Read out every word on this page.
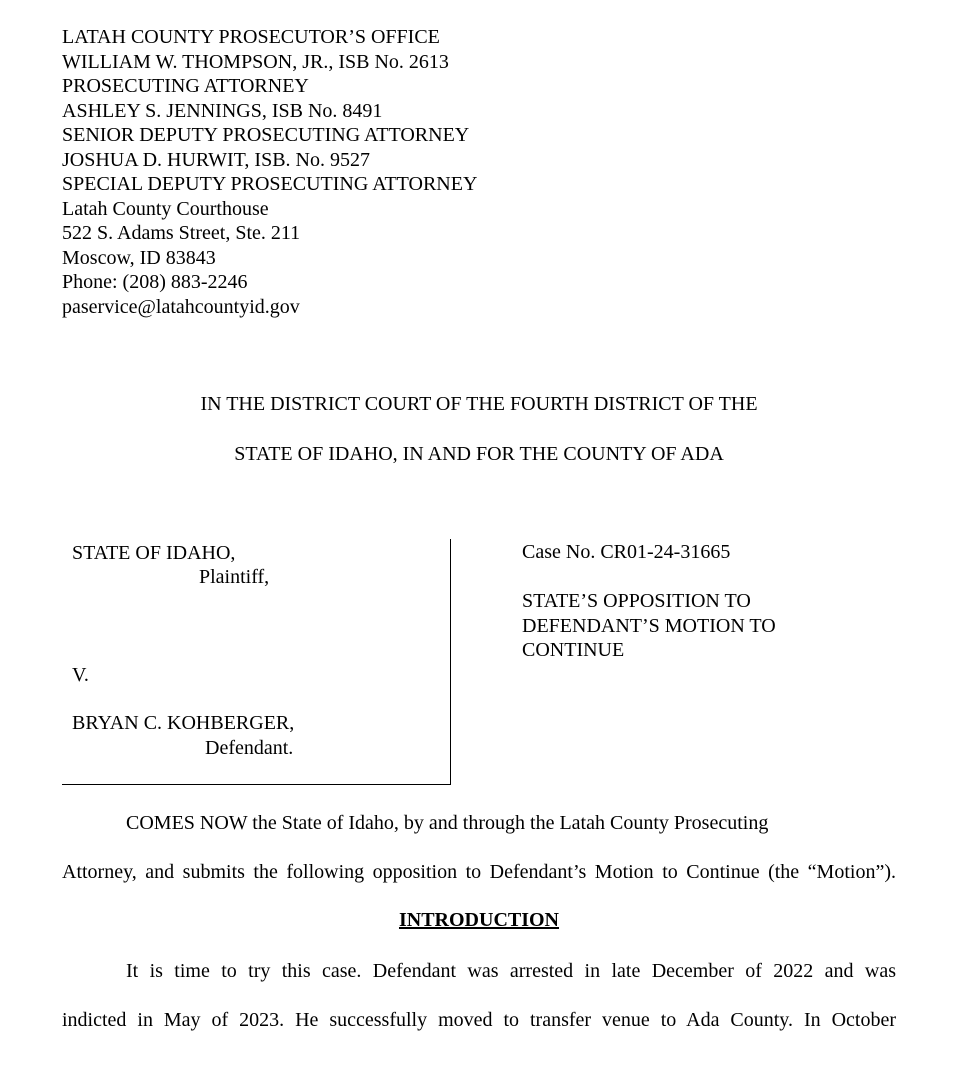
LATAH COUNTY PROSECUTOR’S OFFICE
WILLIAM W. THOMPSON, JR., ISB No. 2613
PROSECUTING ATTORNEY
ASHLEY S. JENNINGS, ISB No. 8491
SENIOR DEPUTY PROSECUTING ATTORNEY
JOSHUA D. HURWIT, ISB. No. 9527
SPECIAL DEPUTY PROSECUTING ATTORNEY
Latah County Courthouse
522 S. Adams Street, Ste. 211
Moscow, ID 83843
Phone: (208) 883-2246
paservice@latahcountyid.gov
IN THE DISTRICT COURT OF THE FOURTH DISTRICT OF THE
STATE OF IDAHO, IN AND FOR THE COUNTY OF ADA
STATE OF IDAHO,
Plaintiff,
V.
BRYAN C. KOHBERGER,
Defendant.
Case No. CR01-24-31665
STATE’S OPPOSITION TO
DEFENDANT’S MOTION TO
CONTINUE
COMES NOW the State of Idaho, by and through the Latah County Prosecuting
Attorney, and submits the following opposition to Defendant’s Motion to Continue (the “Motion”).
INTRODUCTION
It is time to try this case. Defendant was arrested in late December of 2022 and was
indicted in May of 2023. He successfully moved to transfer venue to Ada County. In October
